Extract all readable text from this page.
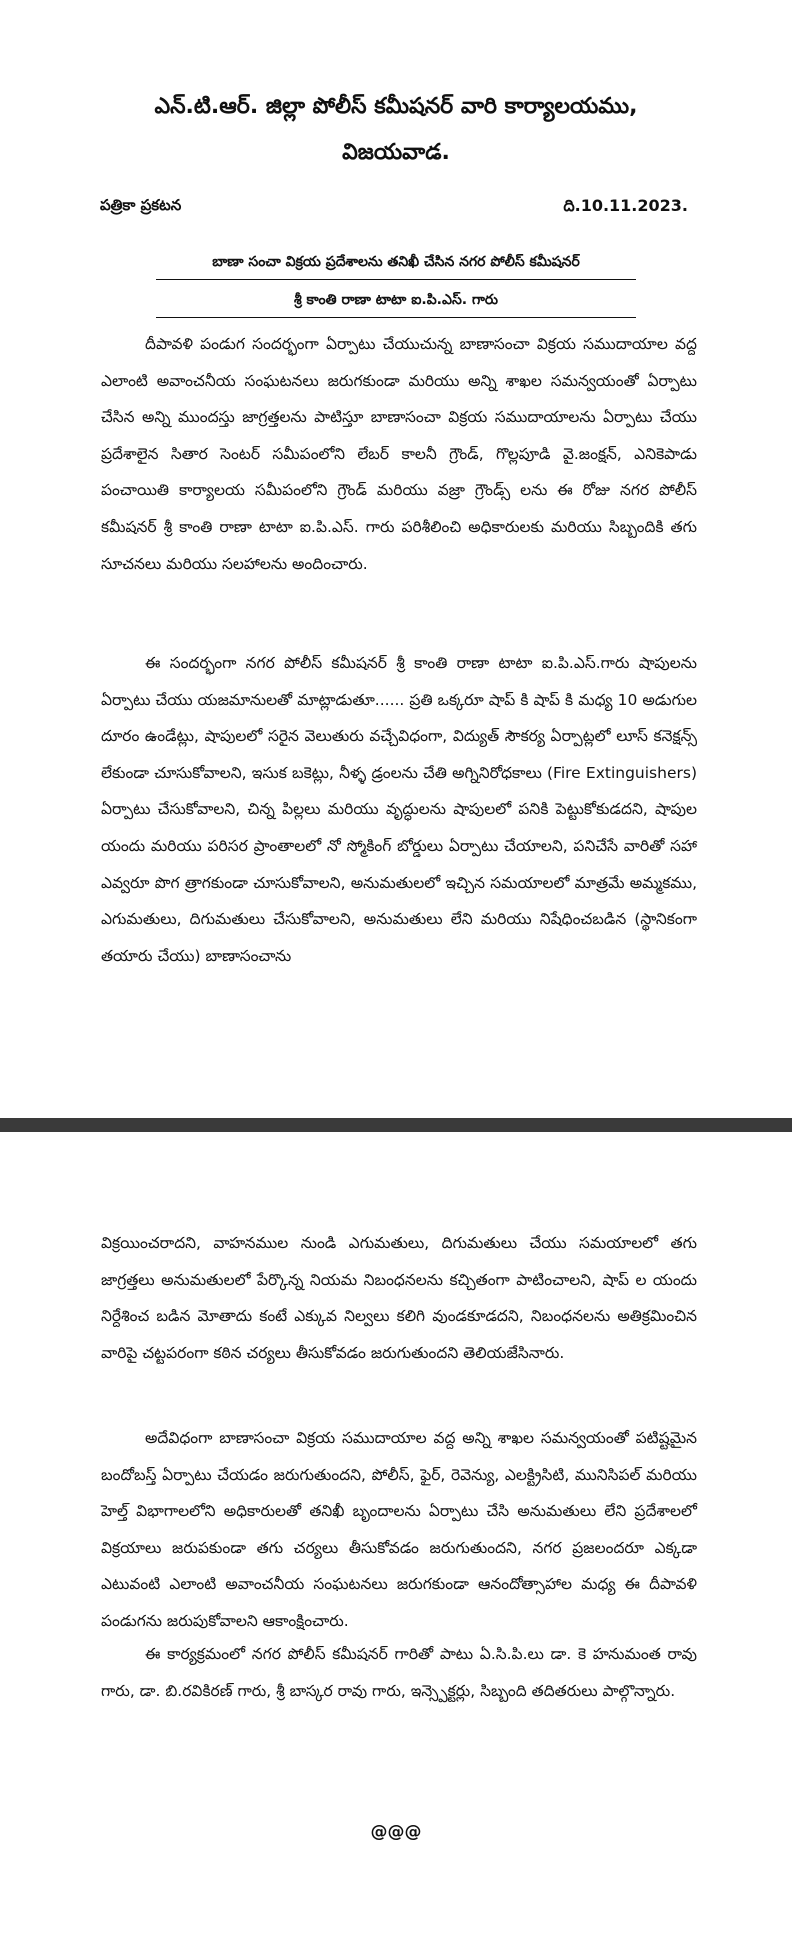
ఎన్.టి.ఆర్. జిల్లా పోలీస్ కమీషనర్ వారి కార్యాలయము,
విజయవాడ.
పత్రికా ప్రకటన	ది.10.11.2023.
బాణా సంచా విక్రయ ప్రదేశాలను తనిఖీ చేసిన నగర పోలీస్ కమీషనర్
శ్రీ కాంతి రాణా టాటా ఐ.పి.ఎస్. గారు

దీపావళి పండుగ సందర్భంగా ఏర్పాటు చేయుచున్న బాణాసంచా విక్రయ సముదాయాల వద్ద ఎలాంటి అవాంచనీయ సంఘటనలు జరుగకుండా మరియు అన్ని శాఖల సమన్వయంతో ఏర్పాటు చేసిన అన్ని ముందస్తు జాగ్రత్తలను పాటిస్తూ బాణాసంచా విక్రయ సముదాయాలను ఏర్పాటు చేయు ప్రదేశాలైన సితార సెంటర్ సమీపంలోని లేబర్ కాలనీ గ్రౌండ్, గొల్లపూడి వై.జంక్షన్, ఎనికెపాడు పంచాయితి కార్యాలయ సమీపంలోని గ్రౌండ్ మరియు వజ్రా గ్రౌండ్స్ లను ఈ రోజు నగర పోలీస్ కమీషనర్ శ్రీ కాంతి రాణా టాటా ఐ.పి.ఎస్. గారు పరిశీలించి అధికారులకు మరియు సిబ్బందికి తగు సూచనలు మరియు సలహాలను అందించారు.

ఈ సందర్భంగా నగర పోలీస్ కమీషనర్ శ్రీ కాంతి రాణా టాటా ఐ.పి.ఎస్.గారు షాపులను ఏర్పాటు చేయు యజమానులతో మాట్లాడుతూ...... ప్రతి ఒక్కరూ షాప్ కి షాప్ కి మధ్య 10 అడుగుల దూరం ఉండేట్లు, షాపులలో సరైన వెలుతురు వచ్చేవిధంగా, విద్యుత్ సౌకర్య ఏర్పాట్లలో లూస్ కనెక్షన్స్ లేకుండా చూసుకోవాలని, ఇసుక బకెట్లు, నీళ్ళ డ్రంలను చేతి అగ్నినిరోధకాలు (Fire Extinguishers) ఏర్పాటు చేసుకోవాలని, చిన్న పిల్లలు మరియు వృద్ధులను షాపులలో పనికి పెట్టుకోకుడదని, షాపుల యందు మరియు పరిసర ప్రాంతాలలో నో స్మోకింగ్ బోర్డులు ఏర్పాటు చేయాలని, పనిచేసే వారితో సహా ఎవ్వరూ పొగ త్రాగకుండా చూసుకోవాలని, అనుమతులలో ఇచ్చిన సమయాలలో మాత్రమే అమ్మకము, ఎగుమతులు, దిగుమతులు చేసుకోవాలని, అనుమతులు లేని మరియు నిషేధించబడిన (స్థానికంగా తయారు చేయు) బాణాసంచాను

విక్రయించరాదని, వాహనముల నుండి ఎగుమతులు, దిగుమతులు చేయు సమయాలలో తగు జాగ్రత్తలు అనుమతులలో పేర్కొన్న నియమ నిబంధనలను కచ్చితంగా పాటించాలని, షాప్ ల యందు నిర్దేశించ బడిన మోతాదు కంటే ఎక్కువ నిల్వలు కలిగి వుండకూడదని, నిబంధనలను అతిక్రమించిన వారిపై చట్టపరంగా కఠిన చర్యలు తీసుకోవడం జరుగుతుందని తెలియజేసినారు.

అదేవిధంగా బాణాసంచా విక్రయ సముదాయాల వద్ద అన్ని శాఖల సమన్వయంతో పటిష్టమైన బందోబస్త్ ఏర్పాటు చేయడం జరుగుతుందని, పోలీస్, ఫైర్, రెవెన్యు, ఎలక్ట్రిసిటి, మునిసిపల్ మరియు హెల్త్ విభాగాలలోని అధికారులతో తనిఖీ బృందాలను ఏర్పాటు చేసి అనుమతులు లేని ప్రదేశాలలో విక్రయాలు జరుపకుండా తగు చర్యలు తీసుకోవడం జరుగుతుందని, నగర ప్రజలందరూ ఎక్కడా ఎటువంటి ఎలాంటి అవాంచనీయ సంఘటనలు జరుగకుండా ఆనందోత్సాహాల మధ్య ఈ దీపావళి పండుగను జరుపుకోవాలని ఆకాంక్షించారు.

ఈ కార్యక్రమంలో నగర పోలీస్ కమీషనర్ గారితో పాటు ఏ.సి.పి.లు డా. కె హనుమంత రావు గారు, డా. బి.రవికిరణ్ గారు, శ్రీ బాస్కర రావు గారు, ఇన్స్పెక్టర్లు, సిబ్బంది తదితరులు పాల్గొన్నారు.

@@@
